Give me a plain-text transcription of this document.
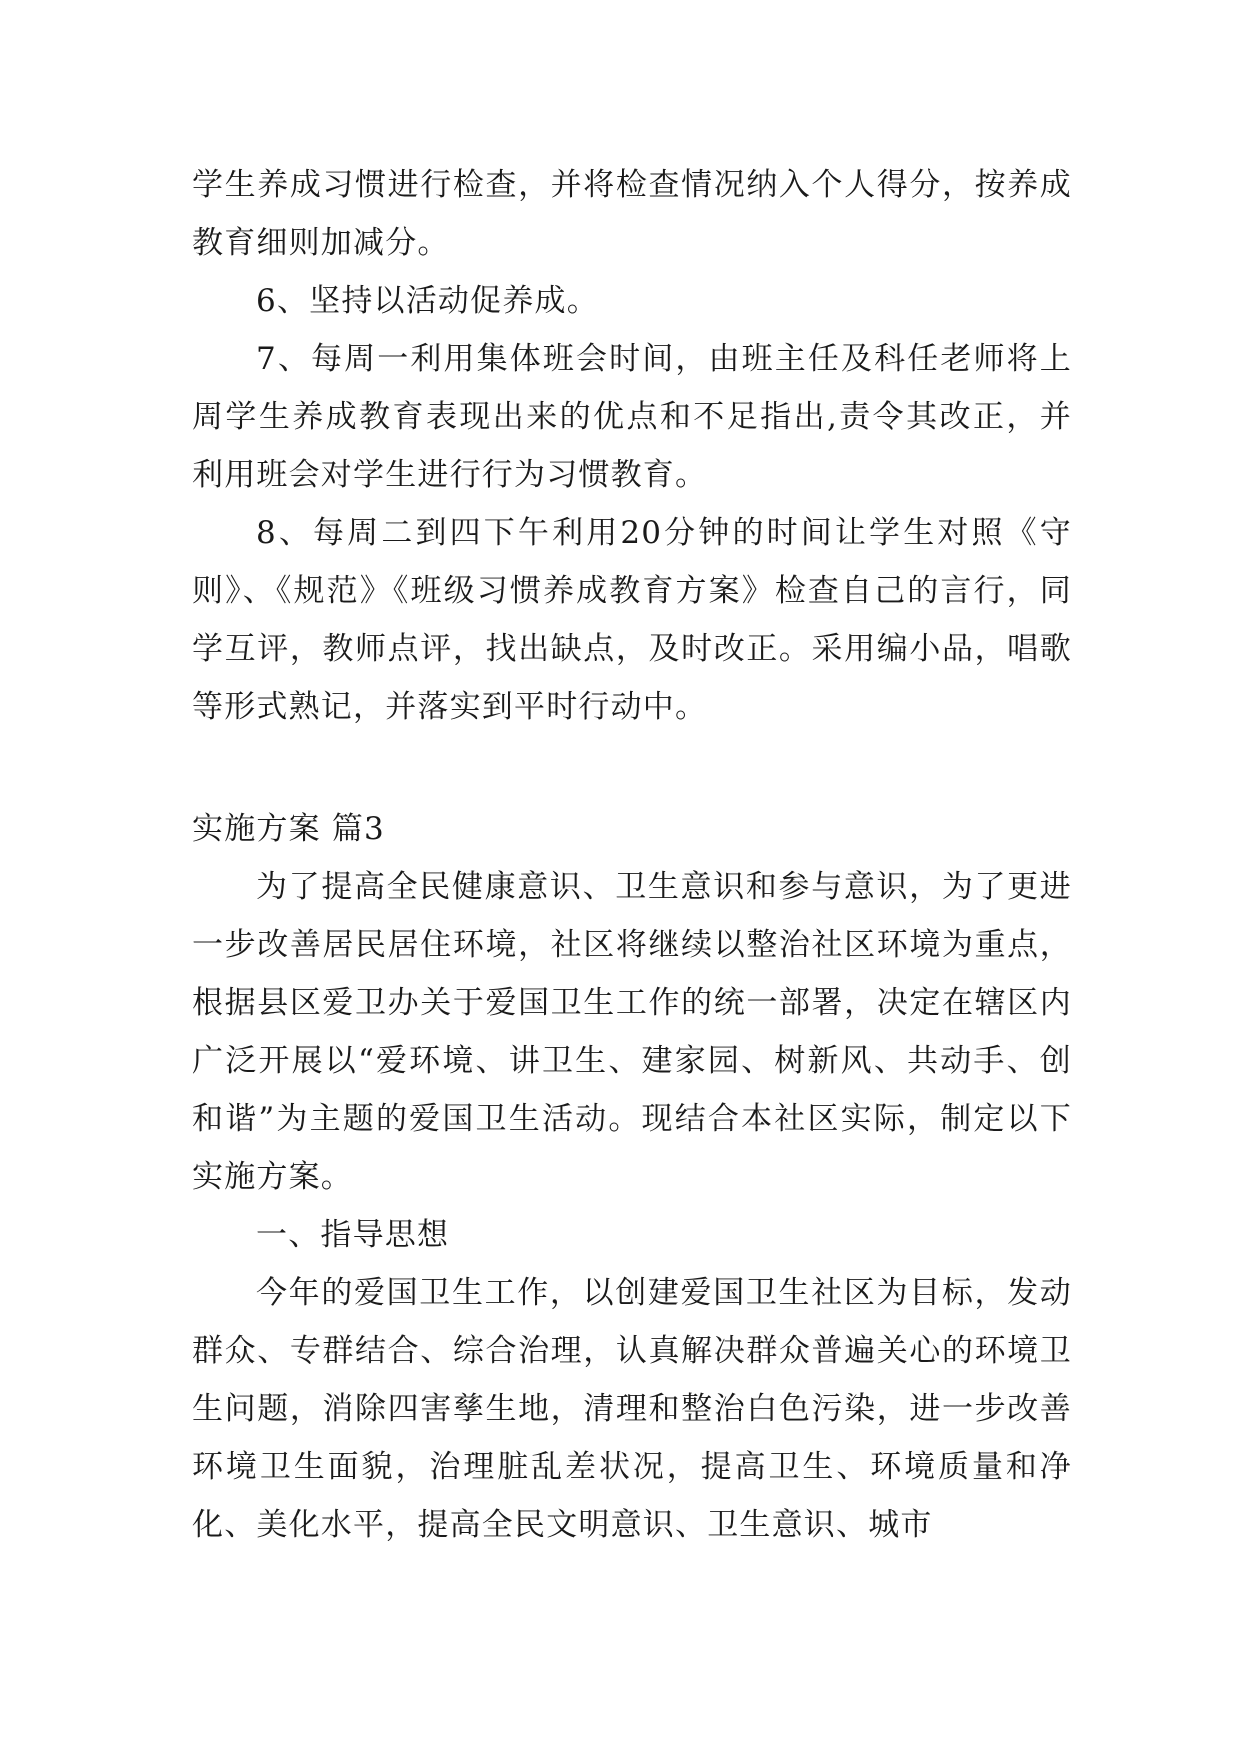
学生养成习惯进行检查，并将检查情况纳入个人得分，按养成教育细则加减分。

6、坚持以活动促养成。

7、每周一利用集体班会时间，由班主任及科任老师将上周学生养成教育表现出来的优点和不足指出,责令其改正，并利用班会对学生进行行为习惯教育。

8、每周二到四下午利用20分钟的时间让学生对照《守则》、《规范》《班级习惯养成教育方案》检查自己的言行，同学互评，教师点评，找出缺点，及时改正。采用编小品，唱歌等形式熟记，并落实到平时行动中。

实施方案 篇3

为了提高全民健康意识、卫生意识和参与意识，为了更进一步改善居民居住环境，社区将继续以整治社区环境为重点，根据县区爱卫办关于爱国卫生工作的统一部署，决定在辖区内广泛开展以“爱环境、讲卫生、建家园、树新风、共动手、创和谐”为主题的爱国卫生活动。现结合本社区实际，制定以下实施方案。

一、指导思想

今年的爱国卫生工作，以创建爱国卫生社区为目标，发动群众、专群结合、综合治理，认真解决群众普遍关心的环境卫生问题，消除四害孳生地，清理和整治白色污染，进一步改善环境卫生面貌，治理脏乱差状况，提高卫生、环境质量和净化、美化水平，提高全民文明意识、卫生意识、城市
